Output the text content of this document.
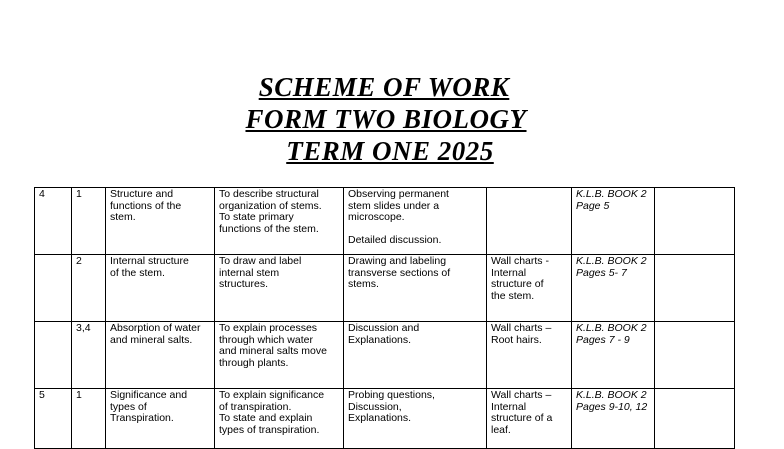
SCHEME OF WORK
FORM TWO BIOLOGY
TERM ONE 2025
4	1	Structure and
functions of the
stem.	To describe structural
organization of stems.
To state primary
functions of the stem.	Observing permanent
stem slides under a
microscope.
Detailed discussion.		K.L.B. BOOK 2
Page 5	

	2	Internal structure
of the stem.	To draw and label
internal stem
structures.	Drawing and labeling
transverse sections of
stems.	Wall charts -
Internal
structure of
the stem.	K.L.B. BOOK 2
Pages 5- 7	

	3,4	Absorption of water
and mineral salts.	To explain processes
through which water
and mineral salts move
through plants.	Discussion and
Explanations.	Wall charts –
Root hairs.	K.L.B. BOOK 2
Pages 7 - 9	

5	1	Significance and
types of
Transpiration.	To explain significance
of transpiration.
To state and explain
types of transpiration.	Probing questions,
Discussion,
Explanations.	Wall charts –
Internal
structure of a
leaf.	K.L.B. BOOK 2
Pages 9-10, 12	
